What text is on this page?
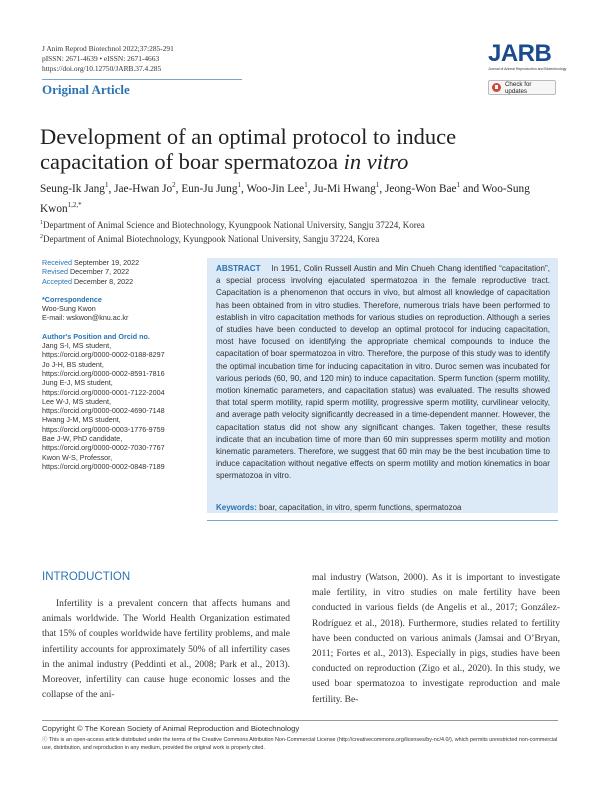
J Anim Reprod Biotechnol 2022;37:285-291
pISSN: 2671-4639 • eISSN: 2671-4663
https://doi.org/10.12750/JARB.37.4.285
Original Article
JARB
Journal of Animal Reproduction and Biotechnology
Check for updates
Development of an optimal protocol to induce capacitation of boar spermatozoa in vitro
Seung-Ik Jang$^1$, Jae-Hwan Jo$^2$, Eun-Ju Jung$^1$, Woo-Jin Lee$^1$, Ju-Mi Hwang$^1$, Jeong-Won Bae$^1$ and Woo-Sung Kwon$^{1,2,*}$
$^1$Department of Animal Science and Biotechnology, Kyungpook National University, Sangju 37224, Korea
$^2$Department of Animal Biotechnology, Kyungpook National University, Sangju 37224, Korea
Received September 19, 2022
Revised December 7, 2022
Accepted December 8, 2022
*Correspondence
Woo-Sung Kwon
E-mail: wskwon@knu.ac.kr
Author's Position and Orcid no.
Jang S-I, MS student,
https://orcid.org/0000-0002-0188-8297
Jo J-H, BS student,
https://orcid.org/0000-0002-8591-7816
Jung E-J, MS student,
https://orcid.org/0000-0001-7122-2004
Lee W-J, MS student,
https://orcid.org/0000-0002-4690-7148
Hwang J-M, MS student,
https://orcid.org/0000-0003-1776-9759
Bae J-W, PhD candidate,
https://orcid.org/0000-0002-7030-7767
Kwon W-S, Professor,
https://orcid.org/0000-0002-0848-7189
ABSTRACT In 1951, Colin Russell Austin and Min Chueh Chang identified “capacitation”, a special process involving ejaculated spermatozoa in the female reproductive tract. Capacitation is a phenomenon that occurs in vivo, but almost all knowledge of capacitation has been obtained from in vitro studies. Therefore, numerous trials have been performed to establish in vitro capacitation methods for various studies on reproduction. Although a series of studies have been conducted to develop an optimal protocol for inducing capacitation, most have focused on identifying the appropriate chemical compounds to induce the capacitation of boar spermatozoa in vitro. Therefore, the purpose of this study was to identify the optimal incubation time for inducing capacitation in vitro. Duroc semen was incubated for various periods (60, 90, and 120 min) to induce capacitation. Sperm function (sperm motility, motion kinematic parameters, and capacitation status) was evaluated. The results showed that total sperm motility, rapid sperm motility, progressive sperm motility, curvilinear velocity, and average path velocity significantly decreased in a time-dependent manner. However, the capacitation status did not show any significant changes. Taken together, these results indicate that an incubation time of more than 60 min suppresses sperm motility and motion kinematic parameters. Therefore, we suggest that 60 min may be the best incubation time to induce capacitation without negative effects on sperm motility and motion kinematics in boar spermatozoa in vitro.
Keywords: boar, capacitation, in vitro, sperm functions, spermatozoa
INTRODUCTION
Infertility is a prevalent concern that affects humans and animals worldwide. The World Health Organization estimated that 15% of couples worldwide have fertility problems, and male infertility accounts for approximately 50% of all infertility cases in the animal industry (Peddinti et al., 2008; Park et al., 2013). Moreover, infertility can cause huge economic losses and the collapse of the ani-
mal industry (Watson, 2000). As it is important to investigate male fertility, in vitro studies on male fertility have been conducted in various fields (de Angelis et al., 2017; González-Rodríguez et al., 2018). Furthermore, studies related to fertility have been conducted on various animals (Jamsai and O’Bryan, 2011; Fortes et al., 2013). Especially in pigs, studies have been conducted on reproduction (Zigo et al., 2020). In this study, we used boar spermatozoa to investigate reproduction and male fertility. Be-
Copyright © The Korean Society of Animal Reproduction and Biotechnology
ⓒ This is an open-access article distributed under the terms of the Creative Commons Attribution Non-Commercial License (http://creativecommons.org/licenses/by-nc/4.0/), which permits unrestricted non-commercial use, distribution, and reproduction in any medium, provided the original work is properly cited.
